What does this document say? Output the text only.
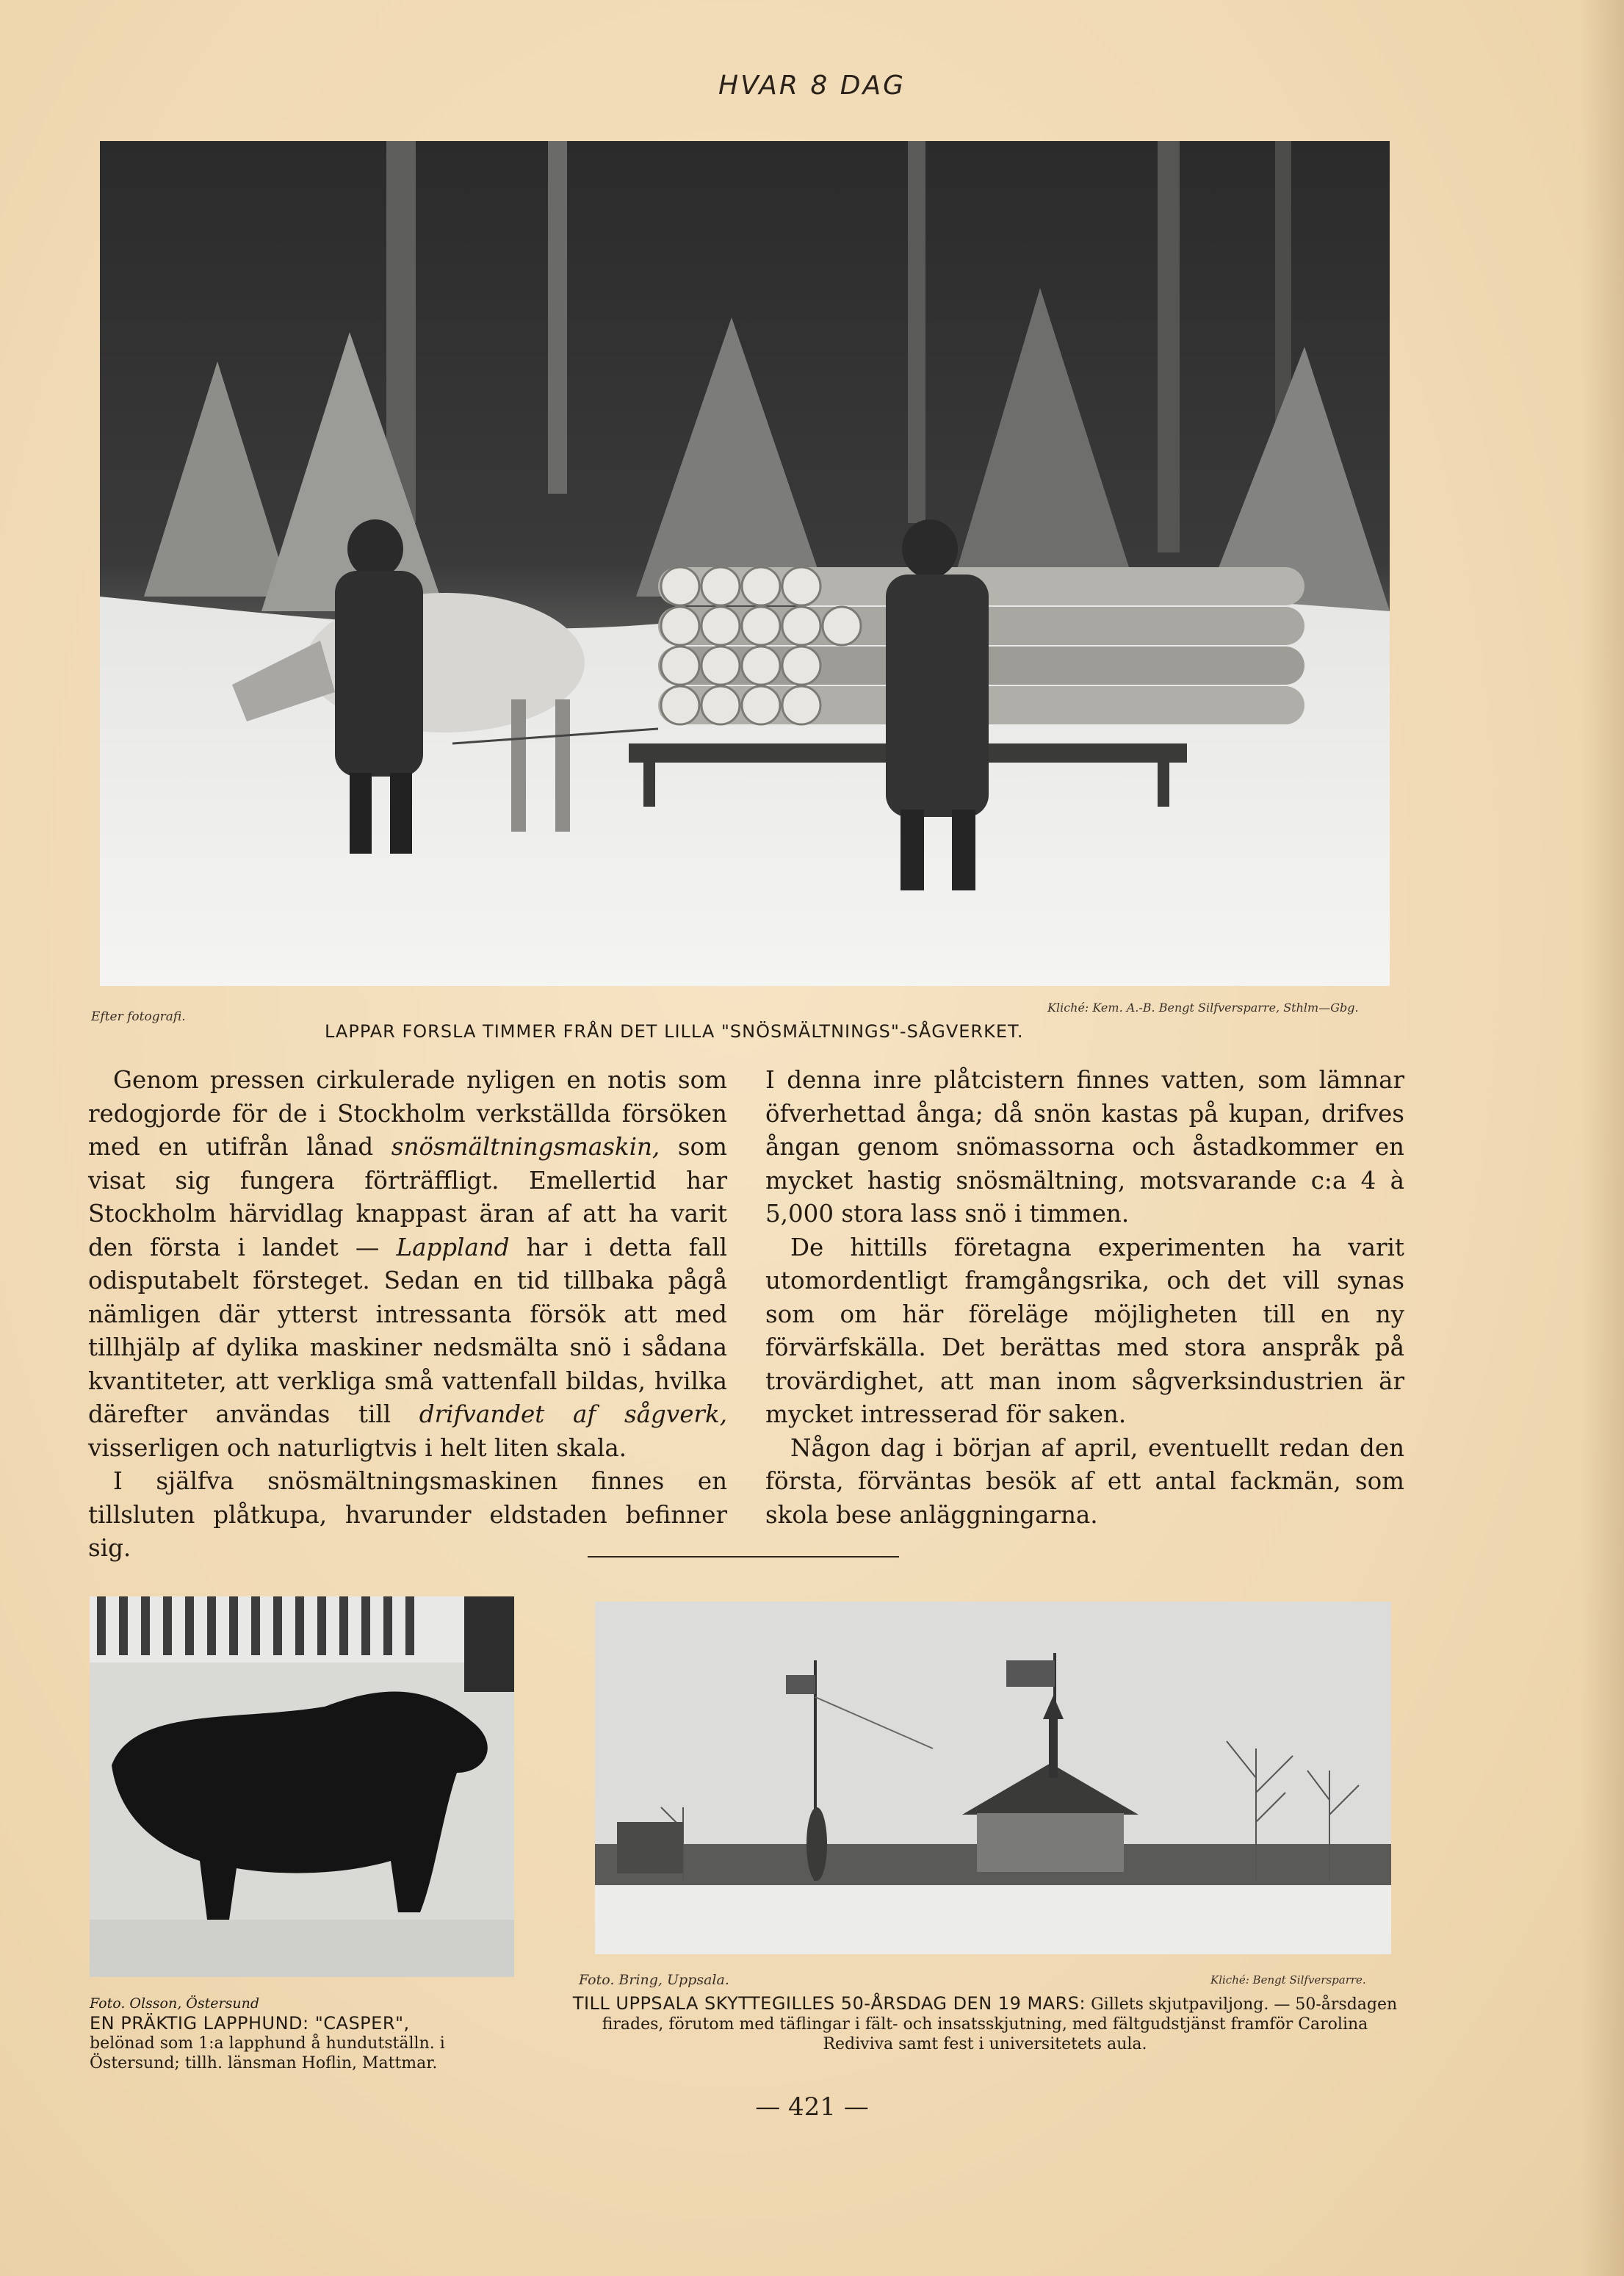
HVAR 8 DAG
Efter fotografi.
Kliché: Kem. A.-B. Bengt Silfversparre, Sthlm—Gbg.
LAPPAR FORSLA TIMMER FRÅN DET LILLA "SNÖSMÄLTNINGS"-SÅGVERKET.

Genom pressen cirkulerade nyligen en notis som redogjorde för de i Stockholm verkställda försöken med en utifrån lånad snösmältningsmaskin, som visat sig fungera förträffligt. Emellertid har Stockholm härvidlag knappast äran af att ha varit den första i landet — Lappland har i detta fall odisputabelt försteget. Sedan en tid tillbaka pågå nämligen där ytterst intressanta försök att med tillhjälp af dylika maskiner nedsmälta snö i sådana kvantiteter, att verkliga små vattenfall bildas, hvilka därefter användas till drifvandet af sågverk, visserligen och naturligtvis i helt liten skala.

I själfva snösmältningsmaskinen finnes en tillsluten plåtkupa, hvarunder eldstaden befinner sig.

I denna inre plåtcistern finnes vatten, som lämnar öfverhettad ånga; då snön kastas på kupan, drifves ångan genom snömassorna och åstadkommer en mycket hastig snösmältning, motsvarande c:a 4 à 5,000 stora lass snö i timmen.

De hittills företagna experimenten ha varit utomordentligt framgångsrika, och det vill synas som om här föreläge möjligheten till en ny förvärfskälla. Det berättas med stora anspråk på trovärdighet, att man inom sågverksindustrien är mycket intresserad för saken.

Någon dag i början af april, eventuellt redan den första, förväntas besök af ett antal fackmän, som skola bese anläggningarna.

Foto. Olsson, Östersund
EN PRÄKTIG LAPPHUND: "CASPER",
belönad som 1:a lapphund å hundutställn. i Östersund; tillh. länsman Hoflin, Mattmar.
Foto. Bring, Uppsala.	Kliché: Bengt Silfversparre.
TILL UPPSALA SKYTTEGILLES 50-ÅRSDAG DEN 19 MARS: Gillets skjutpaviljong. — 50-årsdagen firades, förutom med täflingar i fält- och insatsskjutning, med fältgudstjänst framför Carolina Rediviva samt fest i universitetets aula.
— 421 —
